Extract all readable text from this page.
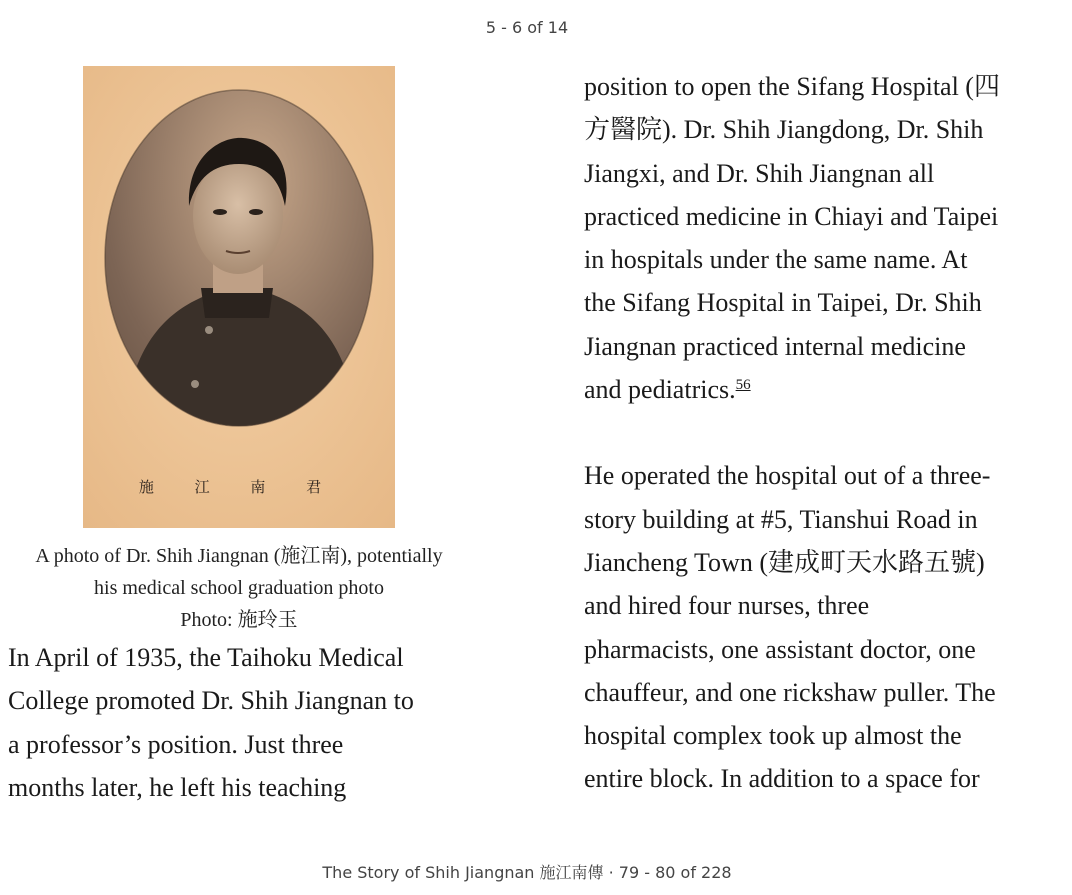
5 - 6 of 14
施 江 南 君
A photo of Dr. Shih Jiangnan (施江南), potentially
his medical school graduation photo
Photo: 施玲玉

In April of 1935, the Taihoku Medical
College promoted Dr. Shih Jiangnan to
a professor’s position. Just three
months later, he left his teaching

position to open the Sifang Hospital (四
方醫院). Dr. Shih Jiangdong, Dr. Shih
Jiangxi, and Dr. Shih Jiangnan all
practiced medicine in Chiayi and Taipei
in hospitals under the same name. At
the Sifang Hospital in Taipei, Dr. Shih
Jiangnan practiced internal medicine
and pediatrics.$^{56}$

He operated the hospital out of a three-
story building at #5, Tianshui Road in
Jiancheng Town (建成町天水路五號)
and hired four nurses, three
pharmacists, one assistant doctor, one
chauffeur, and one rickshaw puller. The
hospital complex took up almost the
entire block. In addition to a space for

The Story of Shih Jiangnan 施江南傳 · 79 - 80 of 228
